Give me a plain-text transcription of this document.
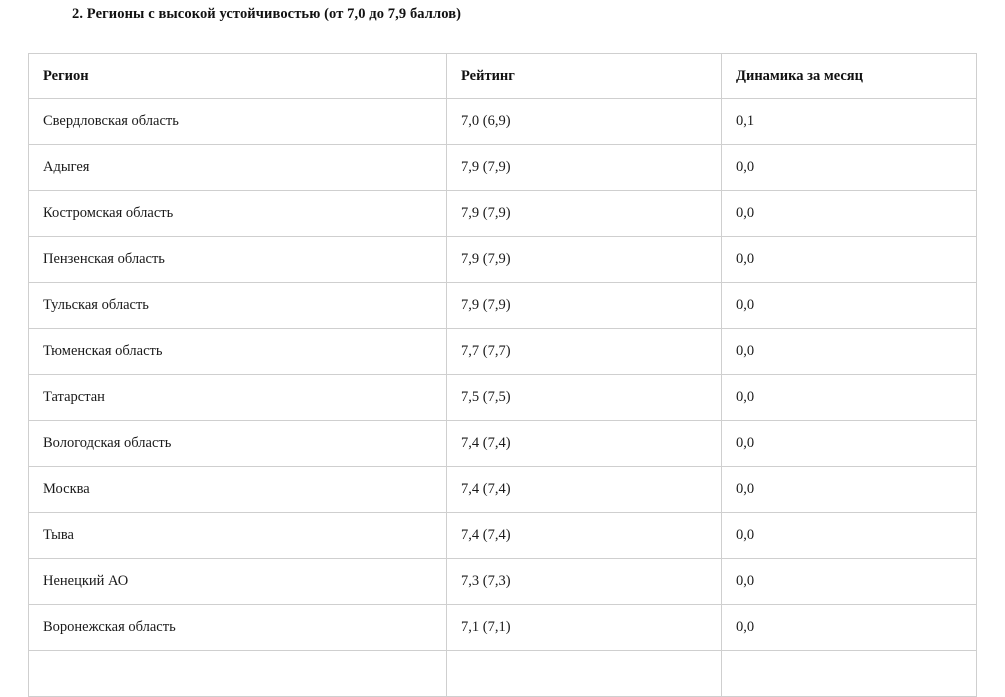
2. Регионы с высокой устойчивостью (от 7,0 до 7,9 баллов)
Регион	Рейтинг	Динамика за месяц
Свердловская область	7,0 (6,9)	0,1
Адыгея	7,9 (7,9)	0,0
Костромская область	7,9 (7,9)	0,0
Пензенская область	7,9 (7,9)	0,0
Тульская область	7,9 (7,9)	0,0
Тюменская область	7,7 (7,7)	0,0
Татарстан	7,5 (7,5)	0,0
Вологодская область	7,4 (7,4)	0,0
Москва	7,4 (7,4)	0,0
Тыва	7,4 (7,4)	0,0
Ненецкий АО	7,3 (7,3)	0,0
Воронежская область	7,1 (7,1)	0,0
